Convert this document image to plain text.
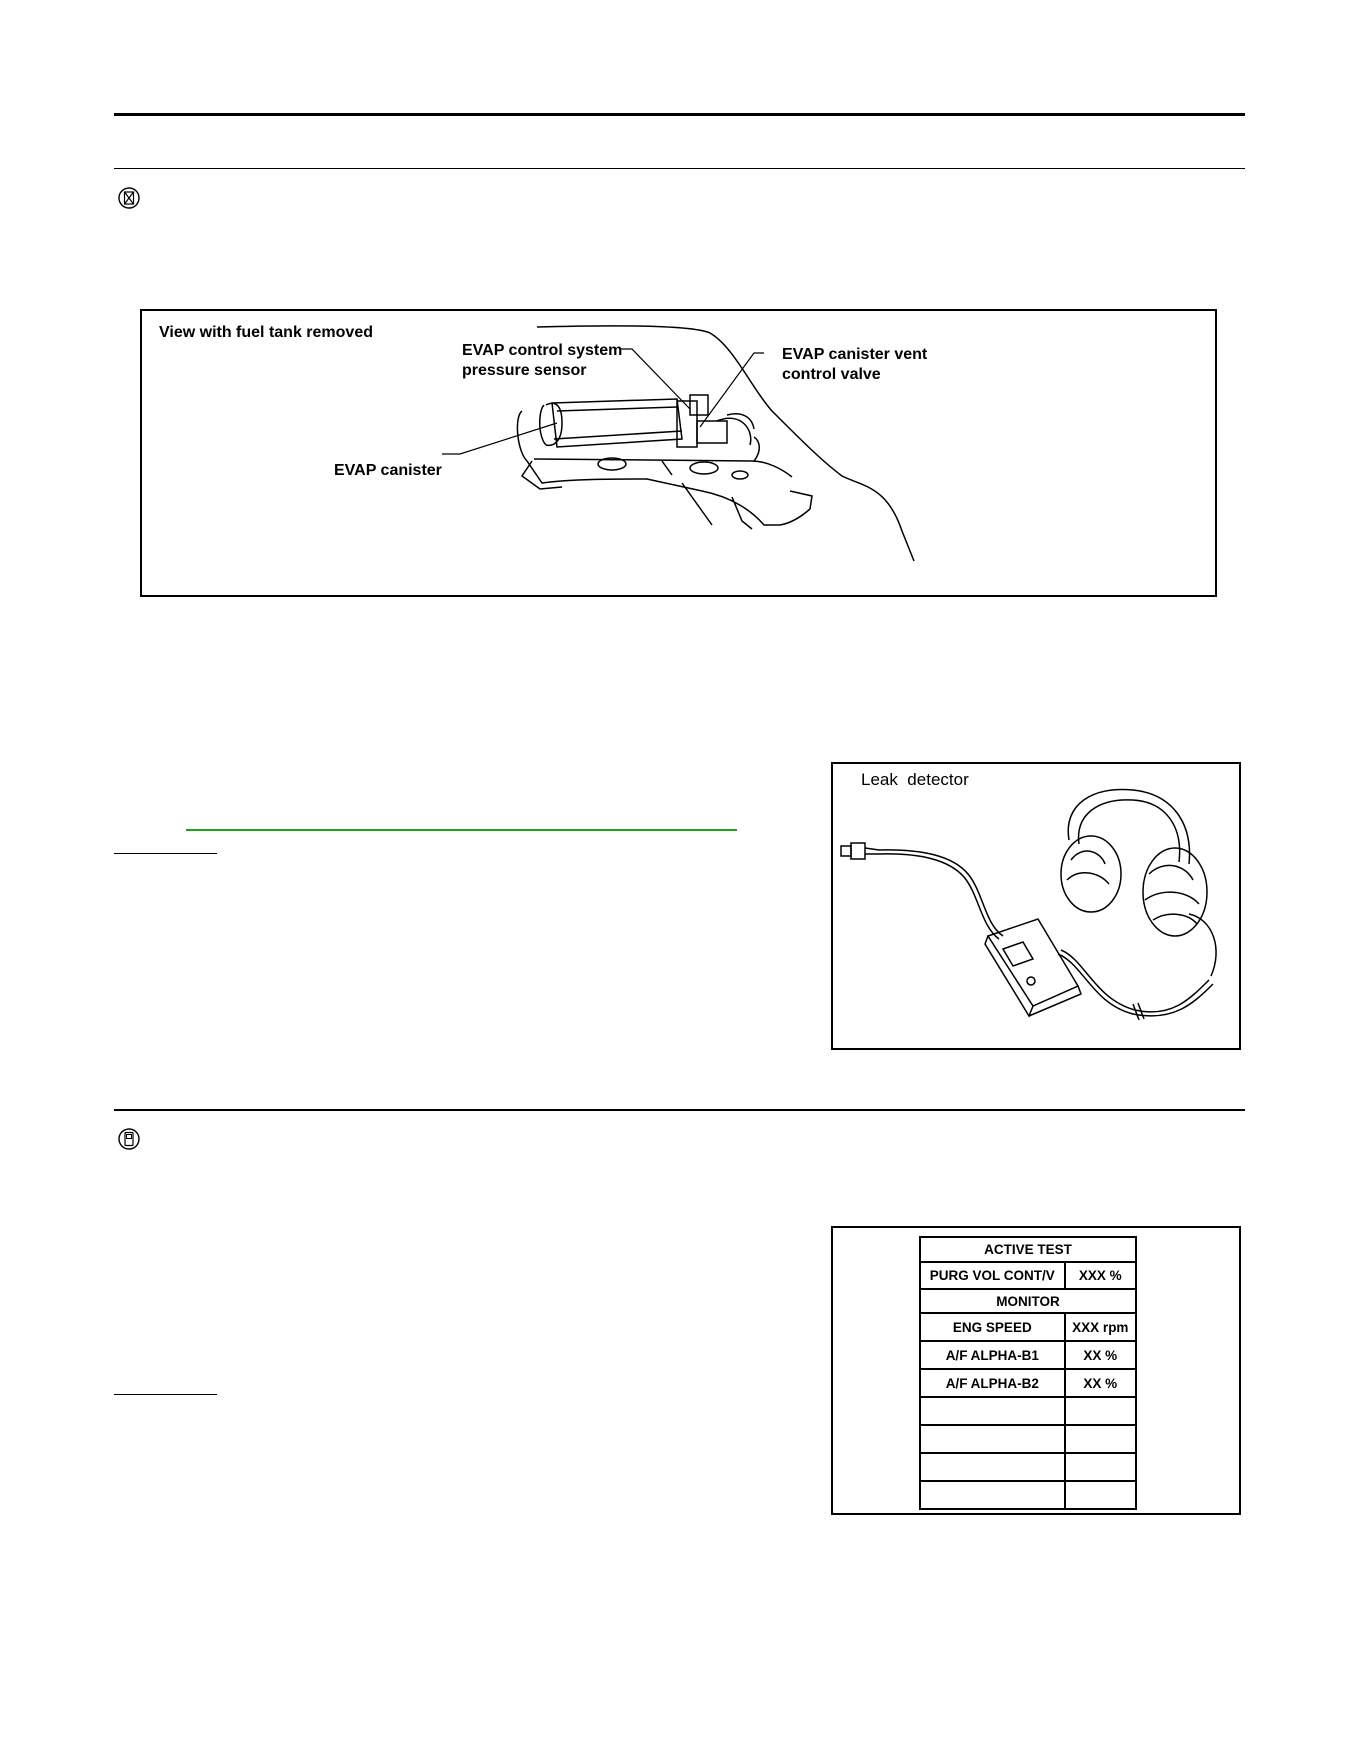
View with fuel tank removed
EVAP control system
pressure sensor
EVAP canister vent
control valve
EVAP canister
Leak  detector
ACTIVE TEST	
PURG VOL CONT/V	XXX %
MONITOR	
ENG SPEED	XXX rpm
A/F ALPHA-B1	XX %
A/F ALPHA-B2	XX %
